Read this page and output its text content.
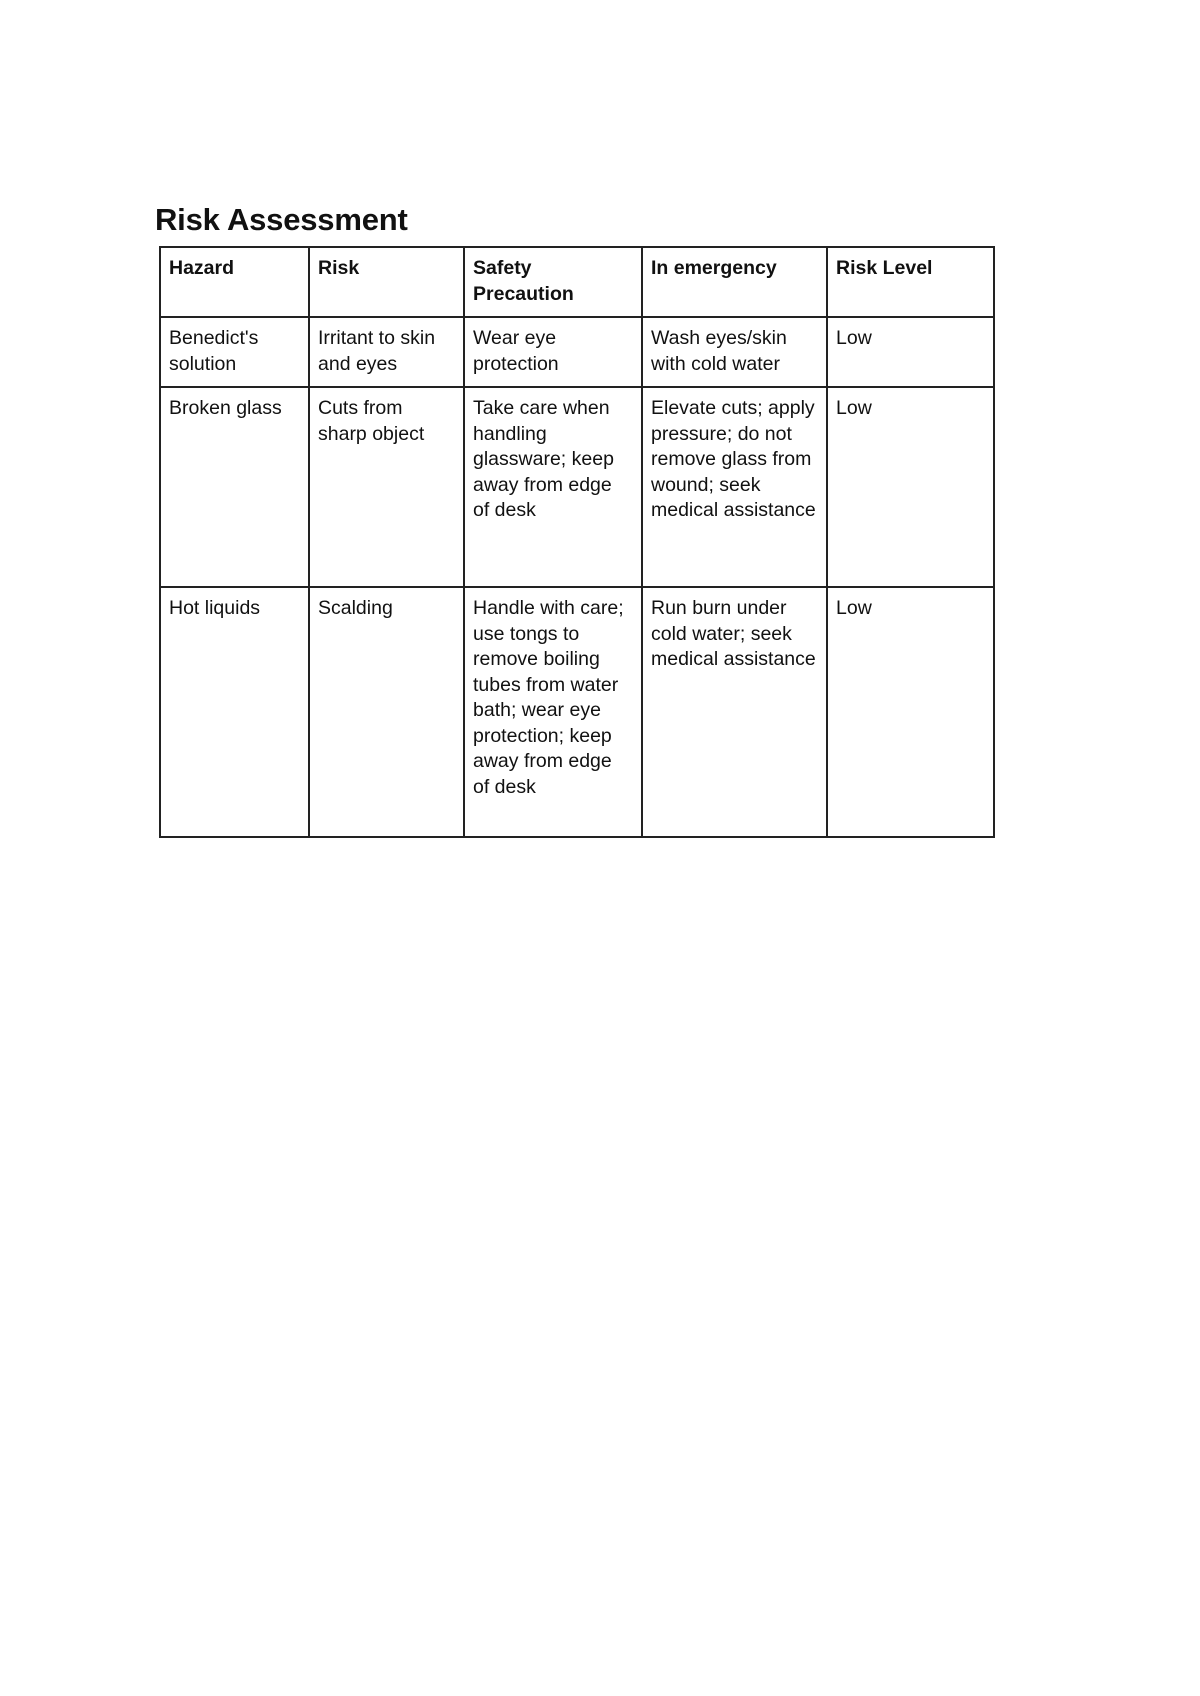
Risk Assessment
Hazard	Risk	Safety Precaution	In emergency	Risk Level
Benedict's solution	Irritant to skin and eyes	Wear eye protection	Wash eyes/skin with cold water	Low
Broken glass	Cuts from sharp object	Take care when handling glassware; keep away from edge of desk	Elevate cuts; apply pressure; do not remove glass from wound; seek medical assistance	Low
Hot liquids	Scalding	Handle with care; use tongs to remove boiling tubes from water bath; wear eye protection; keep away from edge of desk	Run burn under cold water; seek medical assistance	Low
